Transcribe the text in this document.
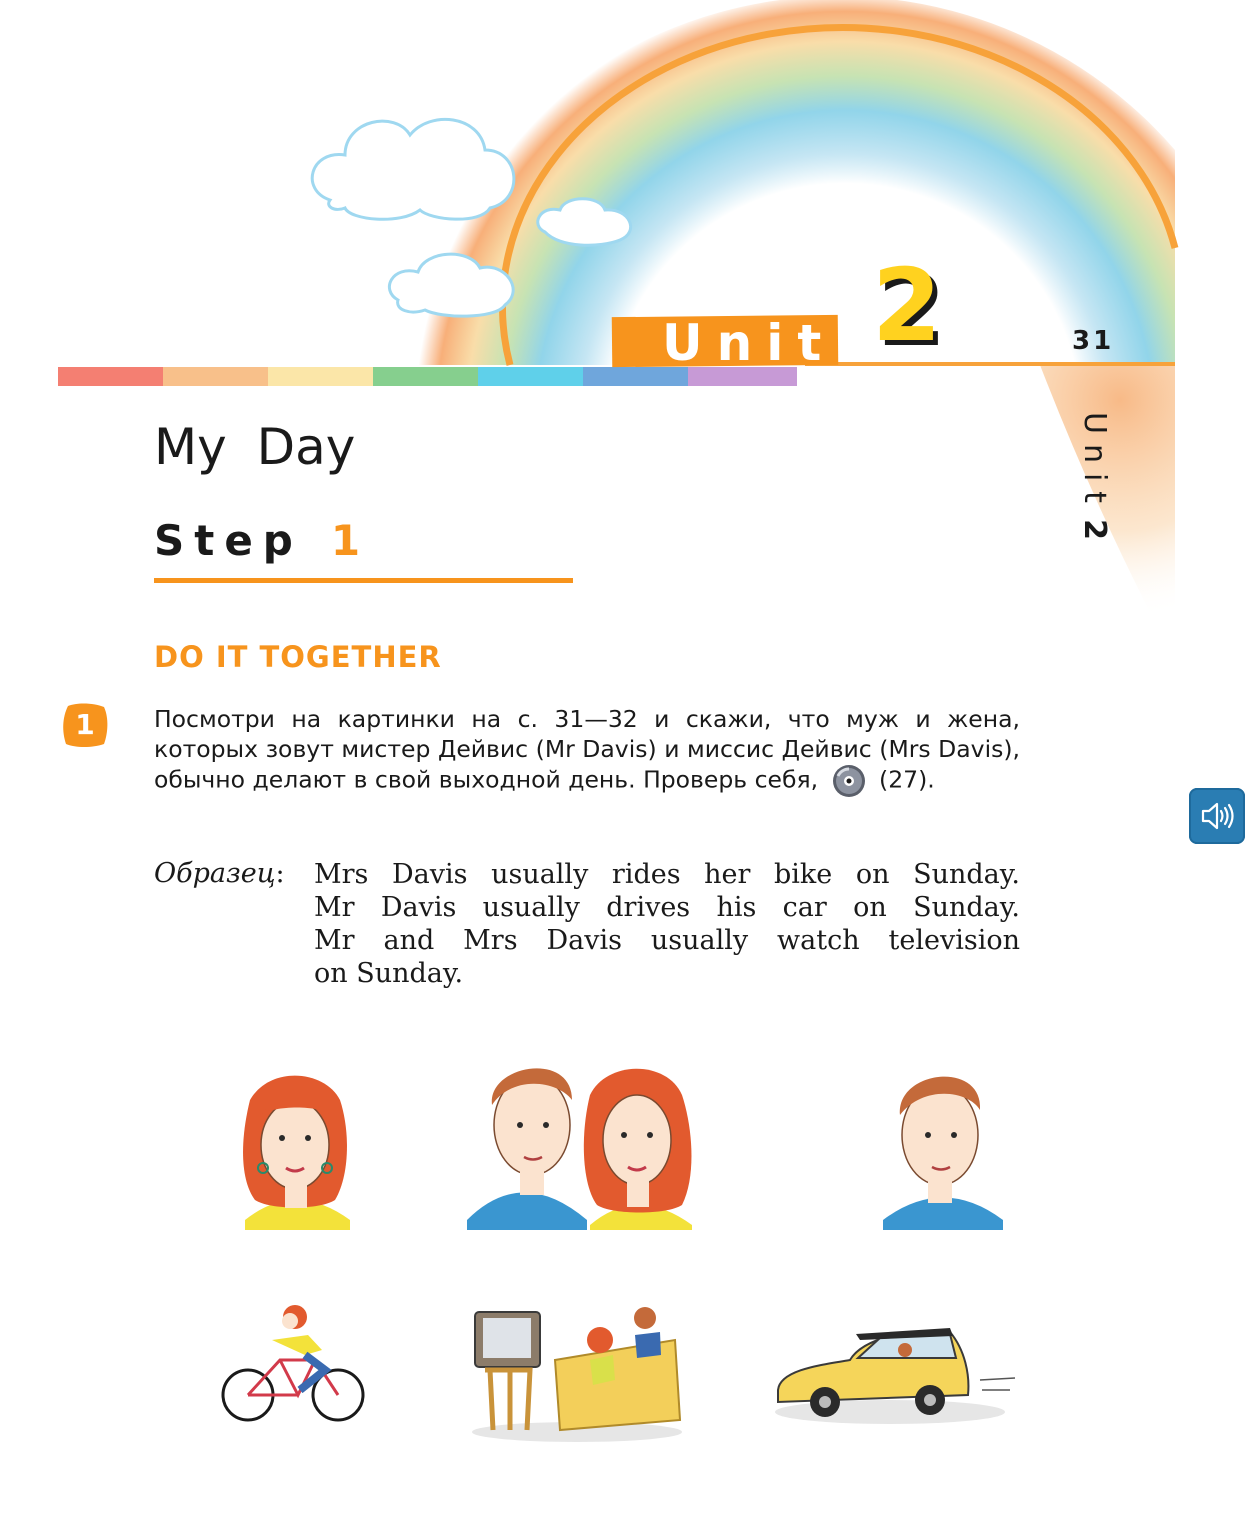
Unit 2	31
Unit2
My Day
Step 1
DO IT TOGETHER
1	Посмотри на картинки на с. 31—32 и скажи, что муж и жена, которых зовут мистер Дейвис (Mr Davis) и миссис Дейвис (Mrs Davis), обычно делают в свой выходной день. Проверь себя,	(27).
Образец: Mrs Davis usually rides her bike on Sunday.
Mr Davis usually drives his car on Sunday.
Mr and Mrs Davis usually watch television
on Sunday.
